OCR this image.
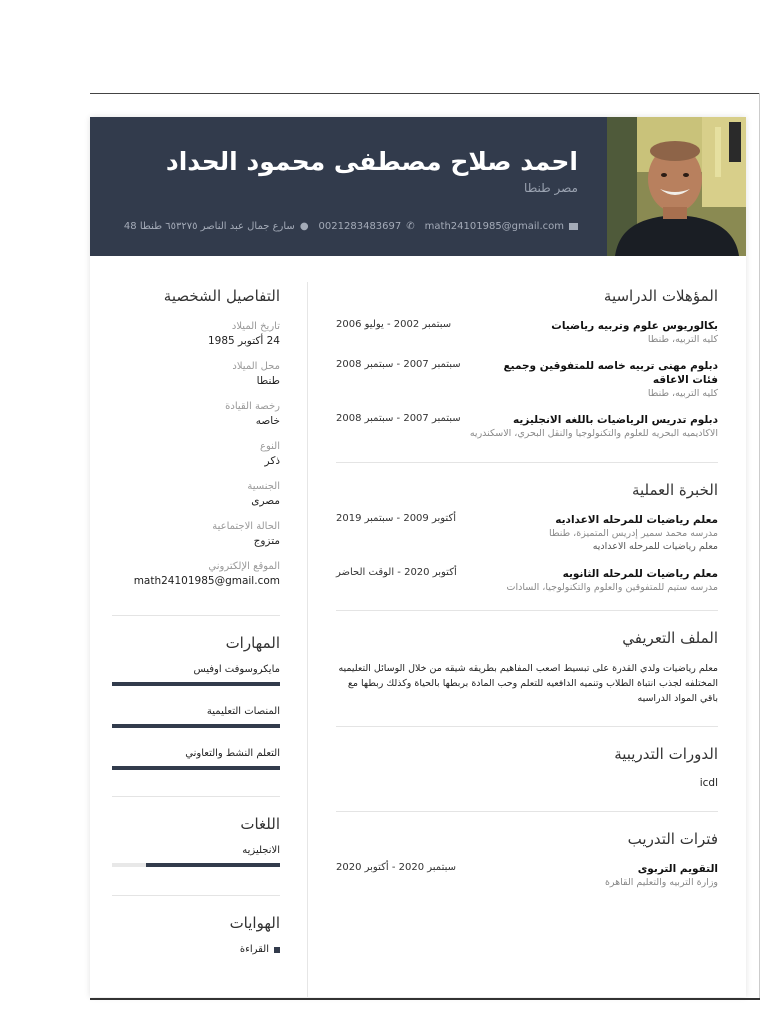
احمد صلاح مصطفى محمود الحداد
مصر طنطا
math24101985@gmail.com
✆
0021283483697
●
48 سارع جمال عبد الناصر ٦٥٣٢٧٥ طنطا
المؤهلات الدراسية
بكالوريوس علوم وتربيه رياضيات
كليه التربيه، طنطا
سبتمبر 2002 - يوليو 2006
دبلوم مهنى تربيه خاصه للمتفوقين وجميع فئات الاعاقه
كليه التربيه، طنطا
سبتمبر 2007 - سبتمبر 2008
دبلوم تدريس الرياضيات باللغه الانجليزيه
الاكاديميه البحريه للعلوم والتكنولوجيا والنقل البحري، الاسكندريه
سبتمبر 2007 - سبتمبر 2008
الخبرة العملية
معلم رياضيات للمرحله الاعداديه
مدرسه محمد سمير إدريس المتميزة، طنطا
معلم رياضيات للمرحله الاعداديه
أكتوبر 2009 - سبتمبر 2019
معلم رياضيات للمرحله الثانويه
مدرسه ستيم للمتفوقين والعلوم والتكنولوجيا، السادات
أكتوبر 2020 - الوقت الحاضر
الملف التعريفي
معلم رياضيات ولدي القدرة على تبسيط اصعب المفاهيم بطريقه شيقه من خلال الوسائل التعليميه المختلفه لجذب انتباة الطلاب وتنميه الدافعيه للتعلم وحب المادة بربطها بالحياة وكذلك ربطها مع باقي المواد الدراسيه
الدورات التدريبية
icdl
فترات التدريب
التقويم التربوى
وزارة التربيه والتعليم القاهرة
سبتمبر 2020 - أكتوبر 2020
التفاصيل الشخصية
تاريخ الميلاد
24 أكتوبر 1985
محل الميلاد
طنطا
رخصة القيادة
خاصه
النوع
ذكر
الجنسية
مصرى
الحالة الاجتماعية
متزوج
الموقع الإلكتروني
math24101985@gmail.com
المهارات
مايكروسوفت اوفيس
المنصات التعليمية
التعلم النشط والتعاوني
اللغات
الانجليزيه
الهوايات
القراءة
